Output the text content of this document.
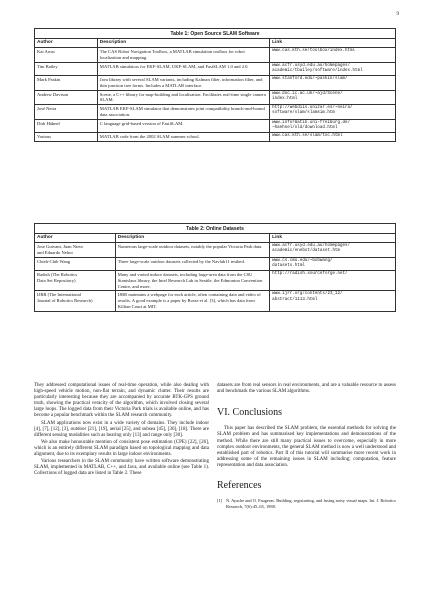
9
Table 1: Open Source SLAM Software
Author	Description	Link
Kai Arras	The CAS Robot Navigation Toolbox, a MATLAB simulation toolbox for robot localization and mapping.	www.cas.kth.se/toolbox/index.html
Tim Bailey	MATLAB simulators for EKF-SLAM, UKF-SLAM, and FastSLAM 1.0 and 2.0.	www.acfr.usyd.edu.au/homepages/
academic/tbailey/software/index.html
Mark Paskin	Java library with several SLAM variants, including Kalman filter, information filter, and thin junction tree forms. Includes a MATLAB interface.	www.stanford.edu/~paskin/slam/
Andrew Davison	Scene, a C++ library for map-building and localisation. Facilitates real-time single camera SLAM.	www.doc.ic.ac.uk/~ajd/Scene/
index.html
José Neira	MATLAB EKF-SLAM simulator that demonstrates joint compatibility branch-and-bound data association.	http://webdiis.unizar.es/~neira/
software/slam/slamsim.htm
Dirk Hähnel	C language grid-based version of FastSLAM.	www.informatik.uni-freiburg.de/
~haehnel/old/download.html
Various	MATLAB code from the 2002 SLAM summer school.	www.cas.kth.se/slam/toc.html
Table 2: Online Datasets
Author	Description	Link
Jose Guivant, Juan Nieto
and Eduardo Nebot	Numerous large-scale outdoor datasets, notably the popular Victoria Park data.	www.acfr.usyd.edu.au/homepages/
academic/enebot/dataset.htm
Chieh-Chih Wang	Three large-scale outdoor datasets collected by the Navlab11 testbed.	www.cs.cmu.edu/~bobwang/
datasets.html
Radish (The Robotics
Data Set Repository)	Many and varied indoor datasets, including large-area data from the CSU Stanislaus library, the Intel Research Lab in Seattle, the Edmonton Convention Centre, and more.	http://radish.sourceforge.net/
IJRR (The International
Journal of Robotics Research)	IJRR maintains a webpage for each article, often containing data and video of results. A good example is a paper by Bosse et al. [3], which has data from Killian Court at MIT.	www.ijrr.org/contents/23_12/
abstract/1113.html

They addressed computational issues of real-time operation, while also dealing with high-speed vehicle motion, non-flat terrain, and dynamic clutter. Their results are particularly interesting because they are accompanied by accurate RTK-GPS ground truth, showing the practical veracity of the algorithm, which involved closing several large loops. The logged data from their Victoria Park trials is available online, and has become a popular benchmark within the SLAM research community.

SLAM applications now exist in a wide variety of domains. They include indoor [4], [7], [12], [3], outdoor [21], [19], aerial [25], and subsea [45], [36], [18]. There are different sensing modalities such as bearing only [13] and range only [30].

We also make honourable mention of consistent pose estimation (CPE) [22], [26], which is an entirely different SLAM paradigm based on topological mapping and data alignment, due to its exemplary results in large indoor environments.

Various researchers in the SLAM community have written software demonstrating SLAM, implemented in MATLAB, C++, and Java, and available online (see Table 1). Collections of logged data are listed in Table 2. These

datasets are from real sensors in real environments, and are a valuable resource to assess and benchmark the various SLAM algorithms.

VI. Conclusions

This paper has described the SLAM problem, the essential methods for solving the SLAM problem and has summarised key implementations and demonstrations of the method. While there are still many practical issues to overcome, especially in more complex outdoor environments, the general SLAM method is now a well understood and established part of robotics. Part II of this tutorial will summarise more recent work in addressing some of the remaining issues in SLAM including; computation, feature representation and data association.

References
[1] N. Ayache and O. Faugeras. Building, registrating, and fusing noisy visual maps. Int. J. Robotics Research, 7(6):45–65, 1988.
